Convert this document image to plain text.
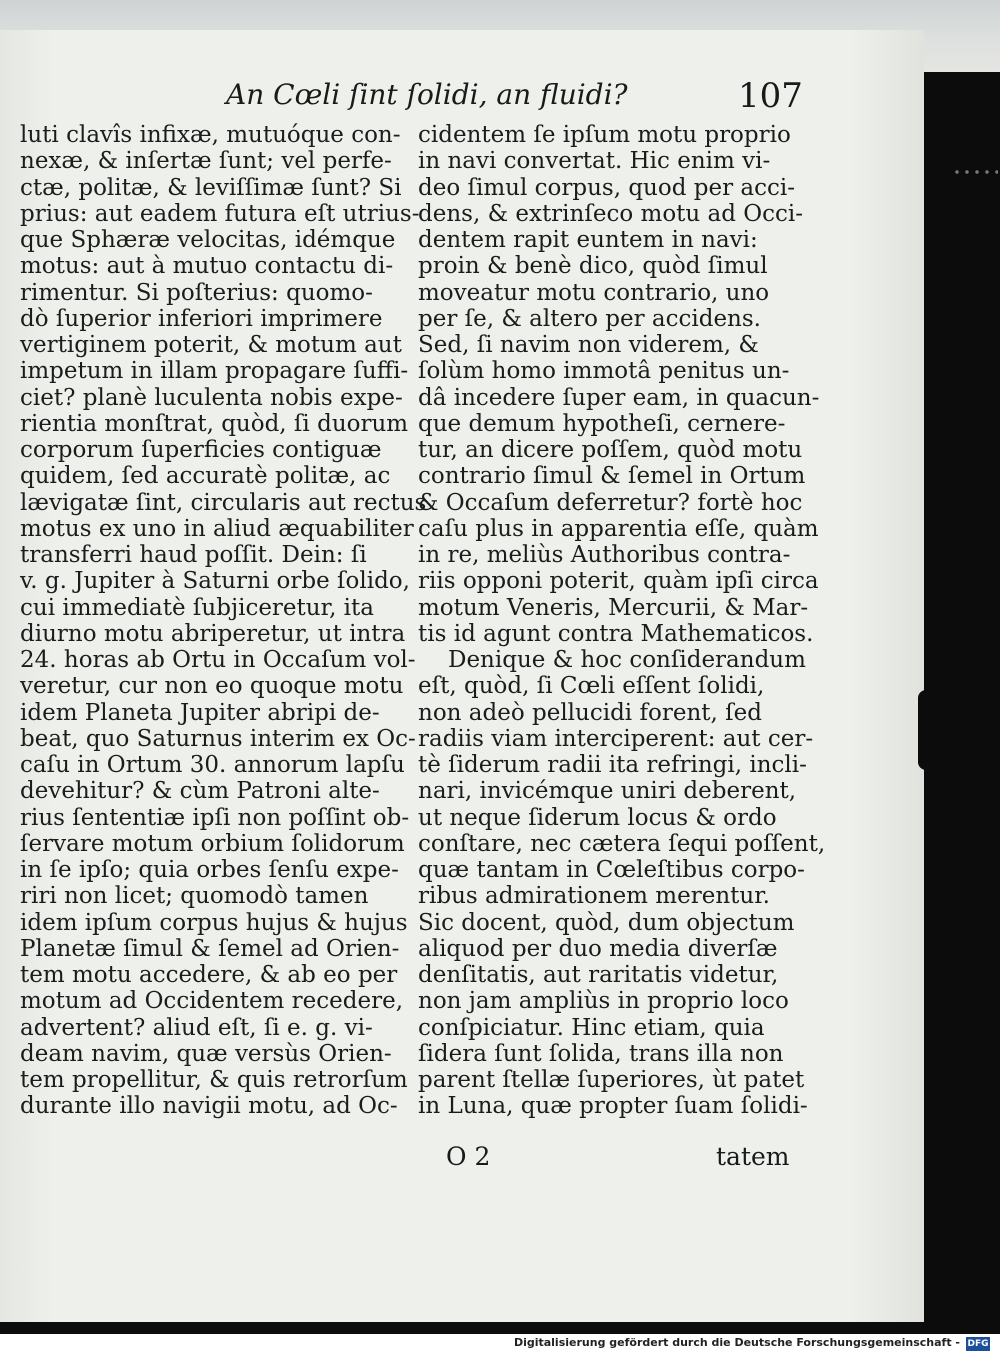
An Cœli ſint ſolidi, an fluidi?	107
luti clavîs infixæ, mutuóque con-
nexæ, & inſertæ ſunt; vel perfe-
ctæ, politæ, & leviſſimæ ſunt? Si
prius: aut eadem futura eſt utrius-
que Sphæræ velocitas, idémque
motus: aut à mutuo contactu di-
rimentur. Si poſterius: quomo-
dò ſuperior inferiori imprimere
vertiginem poterit, & motum aut
impetum in illam propagare ſuffi-
ciet? planè luculenta nobis expe-
rientia monſtrat, quòd, ſi duorum
corporum ſuperficies contiguæ
quidem, ſed accuratè politæ, ac
lævigatæ ſint, circularis aut rectus
motus ex uno in aliud æquabiliter
transferri haud poſſit. Dein: ſi
v. g. Jupiter à Saturni orbe ſolido,
cui immediatè ſubjiceretur, ita
diurno motu abriperetur, ut intra
24. horas ab Ortu in Occaſum vol-
veretur, cur non eo quoque motu
idem Planeta Jupiter abripi de-
beat, quo Saturnus interim ex Oc-
caſu in Ortum 30. annorum lapſu
devehitur? & cùm Patroni alte-
rius ſententiæ ipſi non poſſint ob-
ſervare motum orbium ſolidorum
in ſe ipſo; quia orbes ſenſu expe-
riri non licet; quomodò tamen
idem ipſum corpus hujus & hujus
Planetæ ſimul & ſemel ad Orien-
tem motu accedere, & ab eo per
motum ad Occidentem recedere,
advertent? aliud eſt, ſi e. g. vi-
deam navim, quæ versùs Orien-
tem propellitur, & quis retrorſum
durante illo navigii motu, ad Oc-
cidentem ſe ipſum motu proprio
in navi convertat. Hic enim vi-
deo ſimul corpus, quod per acci-
dens, & extrinſeco motu ad Occi-
dentem rapit euntem in navi:
proin & benè dico, quòd ſimul
moveatur motu contrario, uno
per ſe, & altero per accidens.
Sed, ſi navim non viderem, &
ſolùm homo immotâ penitus un-
dâ incedere ſuper eam, in quacun-
que demum hypotheſi, cernere-
tur, an dicere poſſem, quòd motu
contrario ſimul & ſemel in Ortum
& Occaſum deferretur? fortè hoc
caſu plus in apparentia eſſe, quàm
in re, meliùs Authoribus contra-
riis opponi poterit, quàm ipſi circa
motum Veneris, Mercurii, & Mar-
tis id agunt contra Mathematicos.
Denique & hoc conſiderandum
eſt, quòd, ſi Cœli eſſent ſolidi,
non adeò pellucidi forent, ſed
radiis viam interciperent: aut cer-
tè ſiderum radii ita refringi, incli-
nari, invicémque uniri deberent,
ut neque ſiderum locus & ordo
conſtare, nec cætera ſequi poſſent,
quæ tantam in Cœleſtibus corpo-
ribus admirationem merentur.
Sic docent, quòd, dum objectum
aliquod per duo media diverſæ
denſitatis, aut raritatis videtur,
non jam ampliùs in proprio loco
conſpiciatur. Hinc etiam, quia
ſidera ſunt ſolida, trans illa non
parent ſtellæ ſuperiores, ùt patet
in Luna, quæ propter ſuam ſolidi-
O 2	tatem
Digitalisierung gefördert durch die Deutsche Forschungsgemeinschaft - DFG
